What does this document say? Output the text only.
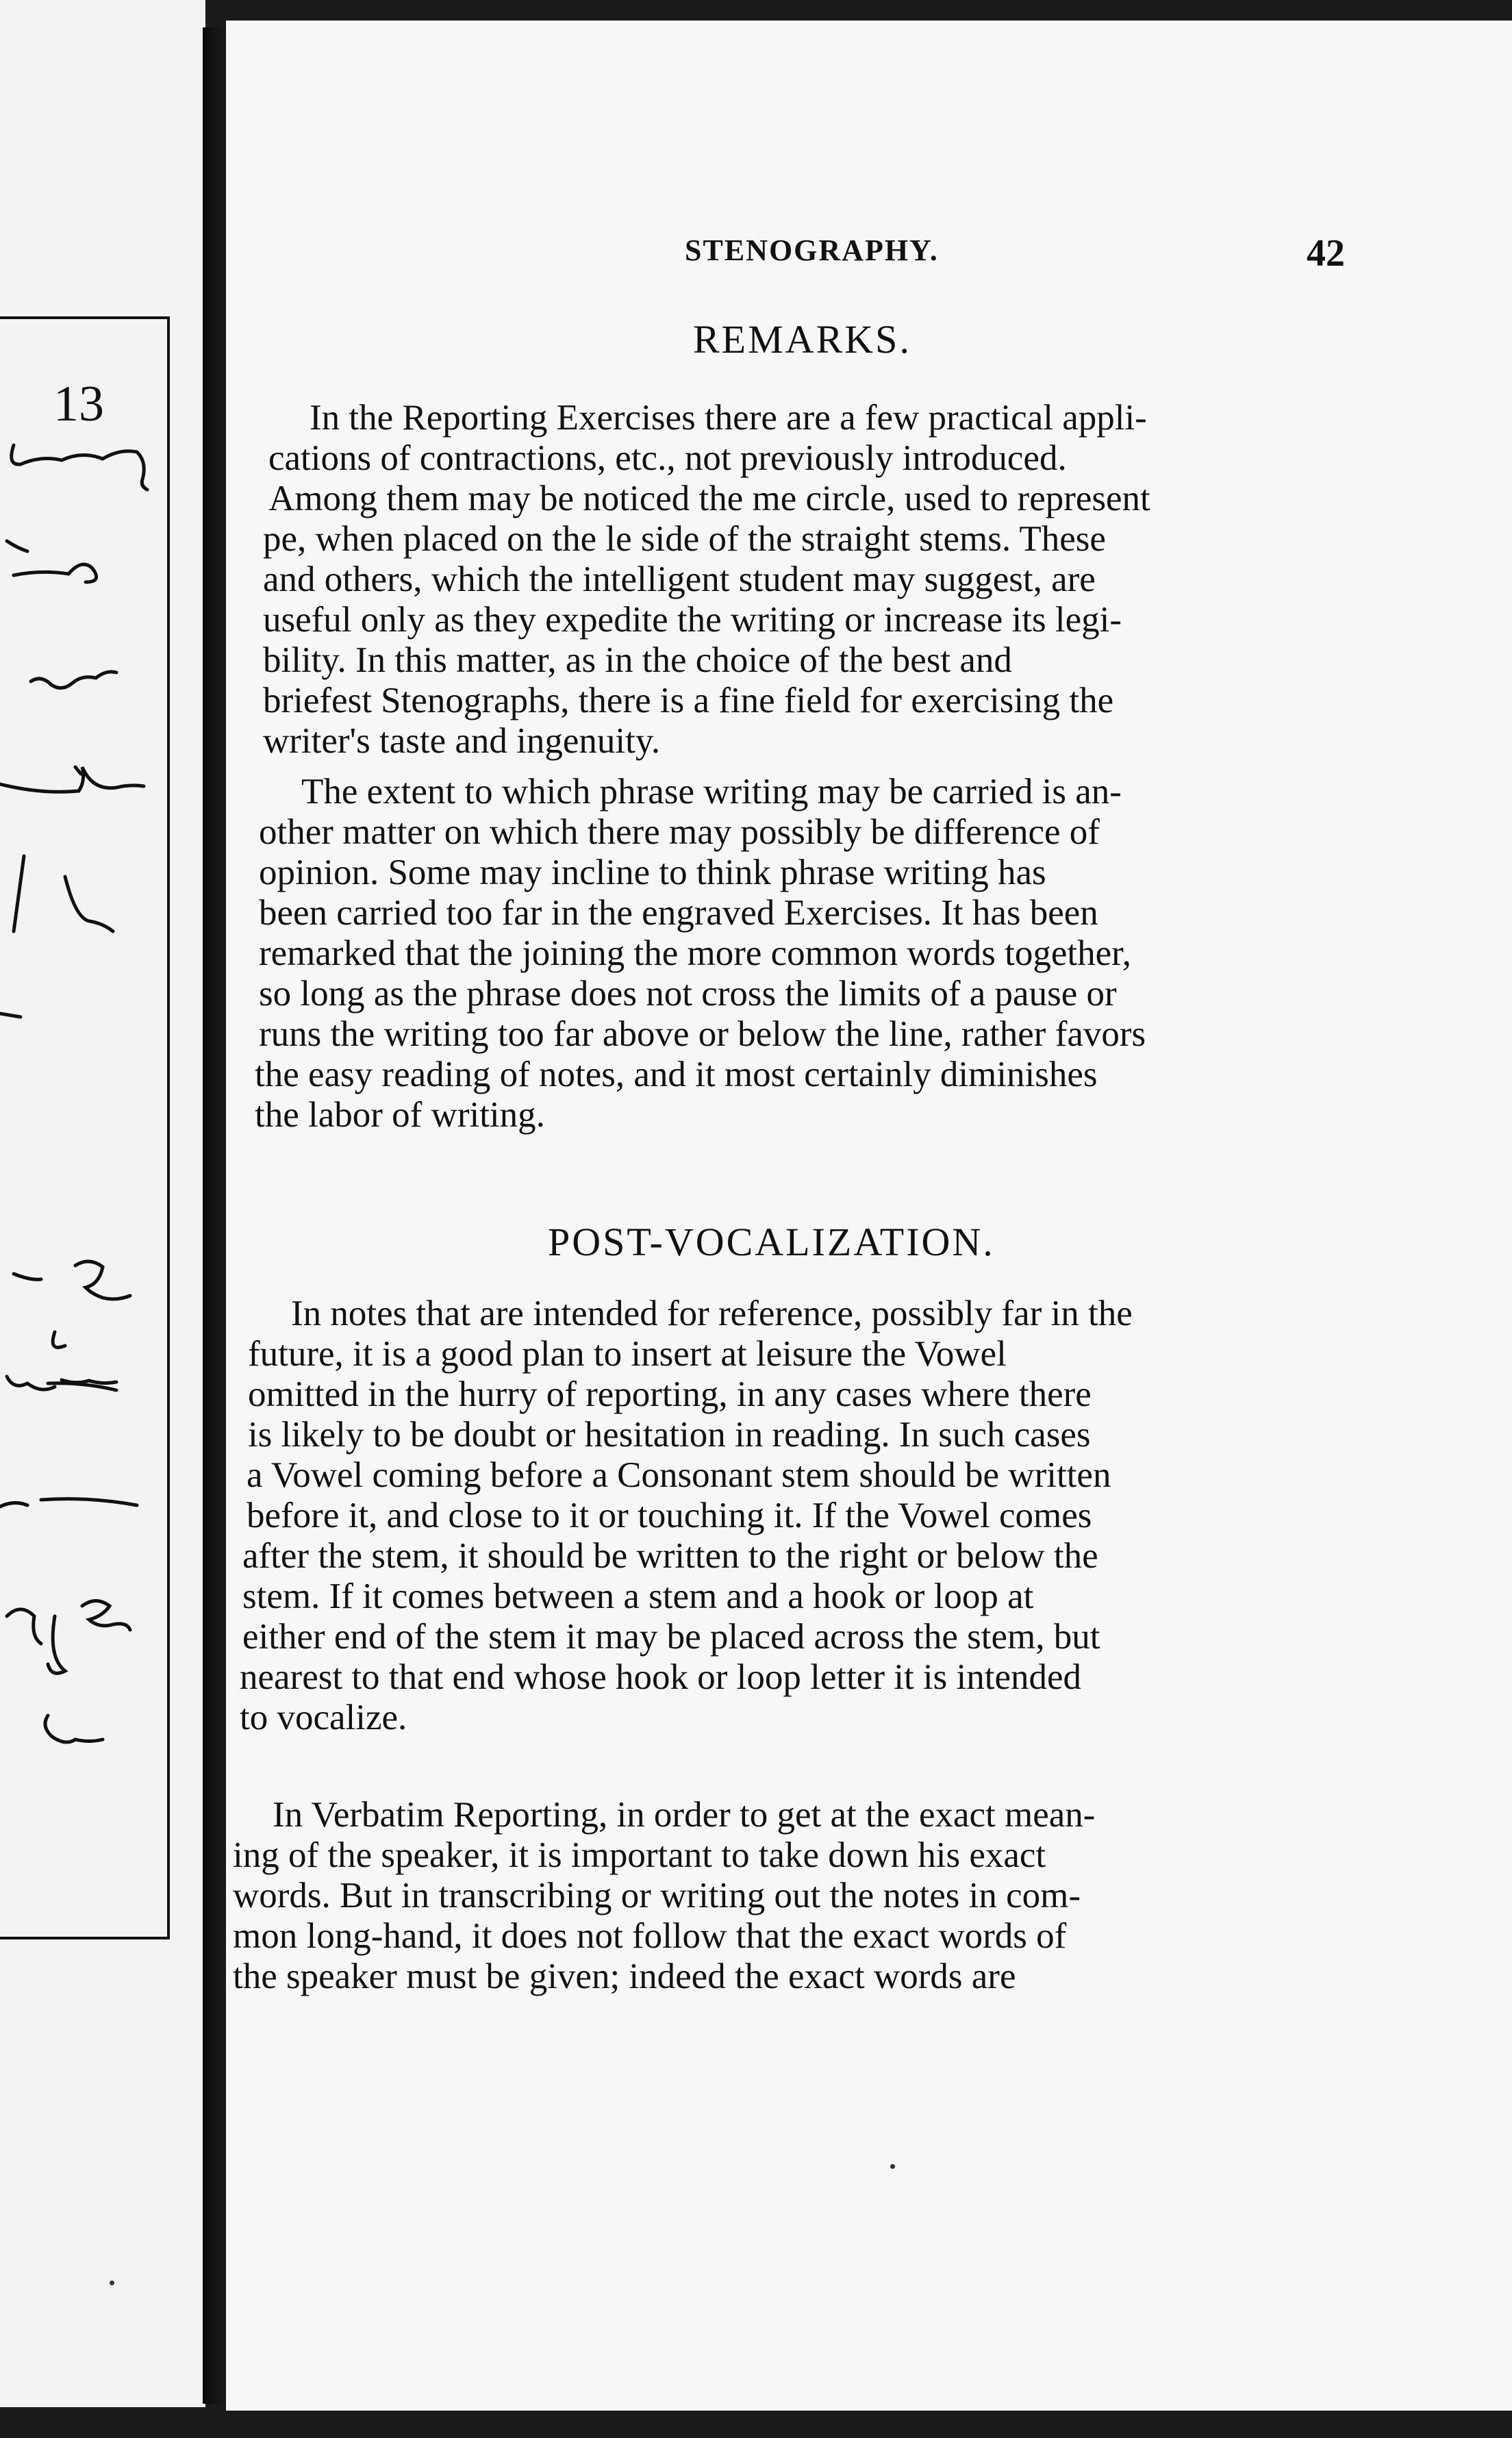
13
STENOGRAPHY.	42
REMARKS.
In the Reporting Exercises there are a few practical appli-
cations of contractions, etc., not previously introduced.
Among them may be noticed the me circle, used to represent
pe, when placed on the le side of the straight stems. These
and others, which the intelligent student may suggest, are
useful only as they expedite the writing or increase its legi-
bility. In this matter, as in the choice of the best and
briefest Stenographs, there is a fine field for exercising the
writer's taste and ingenuity.
The extent to which phrase writing may be carried is an-
other matter on which there may possibly be difference of
opinion. Some may incline to think phrase writing has
been carried too far in the engraved Exercises. It has been
remarked that the joining the more common words together,
so long as the phrase does not cross the limits of a pause or
runs the writing too far above or below the line, rather favors
the easy reading of notes, and it most certainly diminishes
the labor of writing.
POST-VOCALIZATION.
In notes that are intended for reference, possibly far in the
future, it is a good plan to insert at leisure the Vowel
omitted in the hurry of reporting, in any cases where there
is likely to be doubt or hesitation in reading. In such cases
a Vowel coming before a Consonant stem should be written
before it, and close to it or touching it. If the Vowel comes
after the stem, it should be written to the right or below the
stem. If it comes between a stem and a hook or loop at
either end of the stem it may be placed across the stem, but
nearest to that end whose hook or loop letter it is intended
to vocalize.
In Verbatim Reporting, in order to get at the exact mean-
ing of the speaker, it is important to take down his exact
words. But in transcribing or writing out the notes in com-
mon long-hand, it does not follow that the exact words of
the speaker must be given; indeed the exact words are
